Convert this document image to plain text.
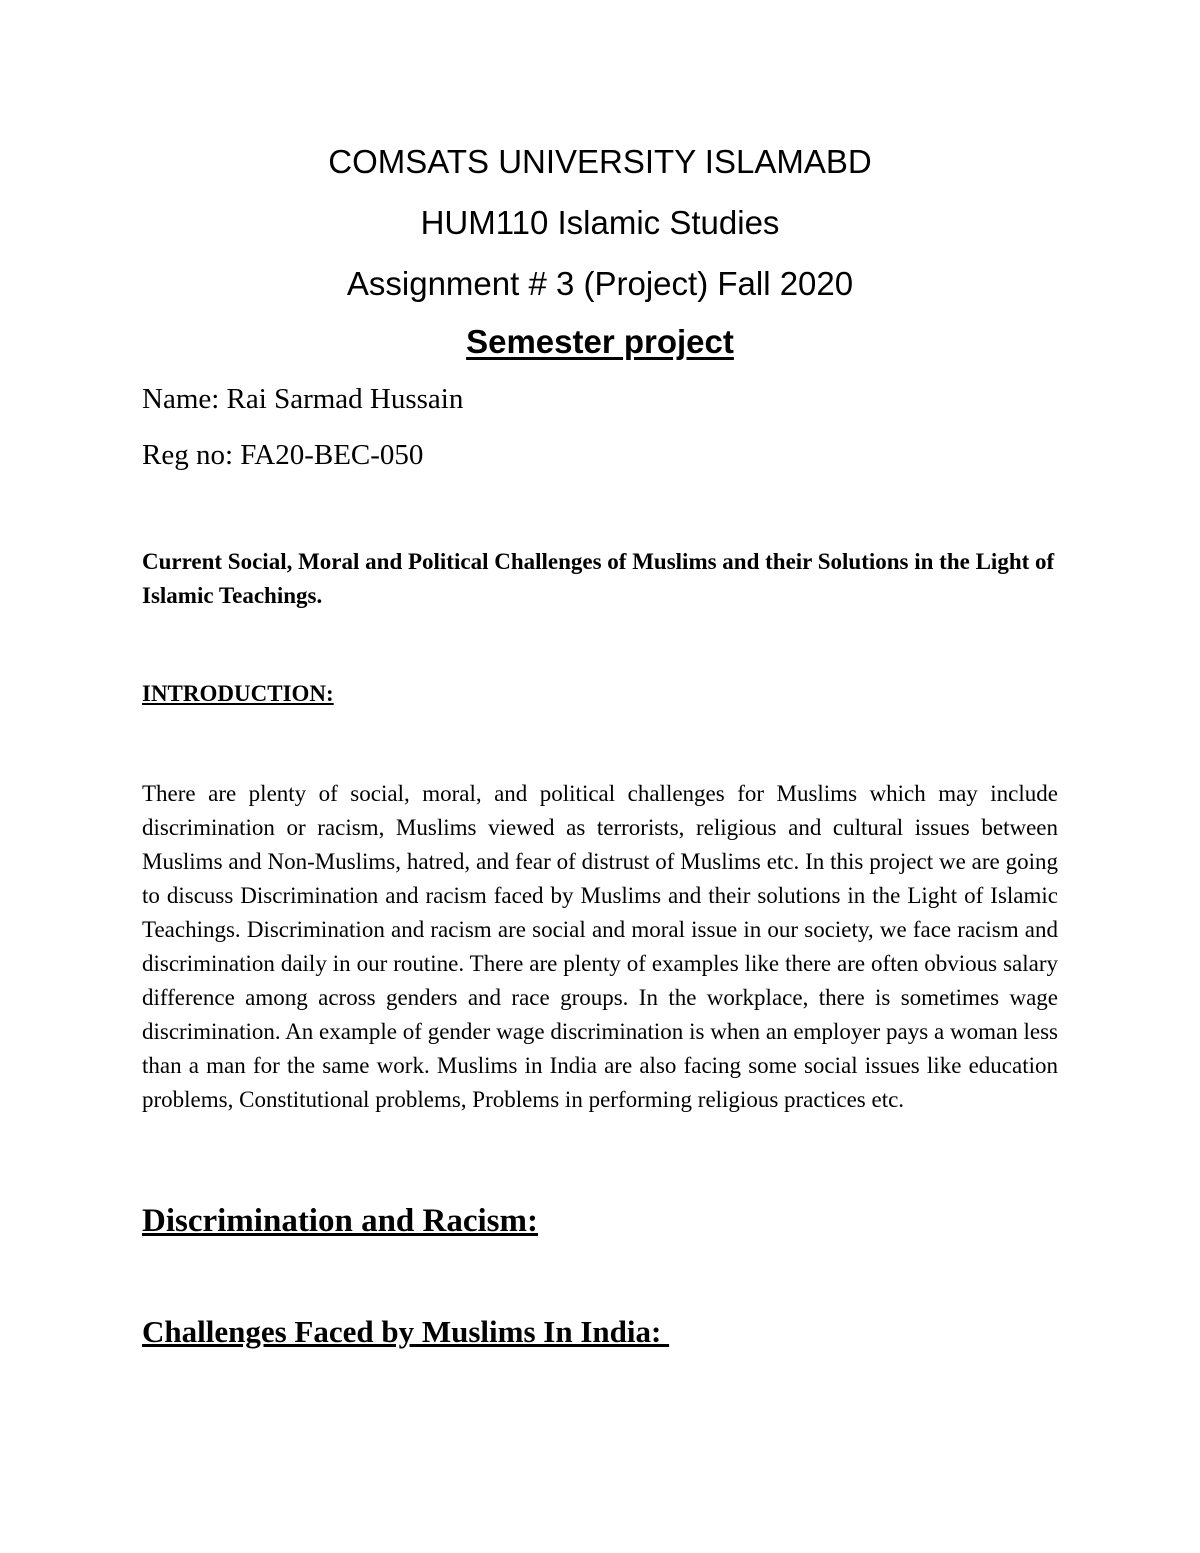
COMSATS UNIVERSITY ISLAMABD
HUM110 Islamic Studies
Assignment # 3 (Project) Fall 2020
Semester project
Name: Rai Sarmad Hussain
Reg no: FA20-BEC-050
Current Social, Moral and Political Challenges of Muslims and their Solutions in the Light of Islamic Teachings.
INTRODUCTION:
There are plenty of social, moral, and political challenges for Muslims which may include discrimination or racism, Muslims viewed as terrorists, religious and cultural issues between Muslims and Non-Muslims, hatred, and fear of distrust of Muslims etc. In this project we are going to discuss Discrimination and racism faced by Muslims and their solutions in the Light of Islamic Teachings. Discrimination and racism are social and moral issue in our society, we face racism and discrimination daily in our routine. There are plenty of examples like there are often obvious salary difference among across genders and race groups. In the workplace, there is sometimes wage discrimination. An example of gender wage discrimination is when an employer pays a woman less than a man for the same work. Muslims in India are also facing some social issues like education problems, Constitutional problems, Problems in performing religious practices etc.
Discrimination and Racism:
Challenges Faced by Muslims In India:
